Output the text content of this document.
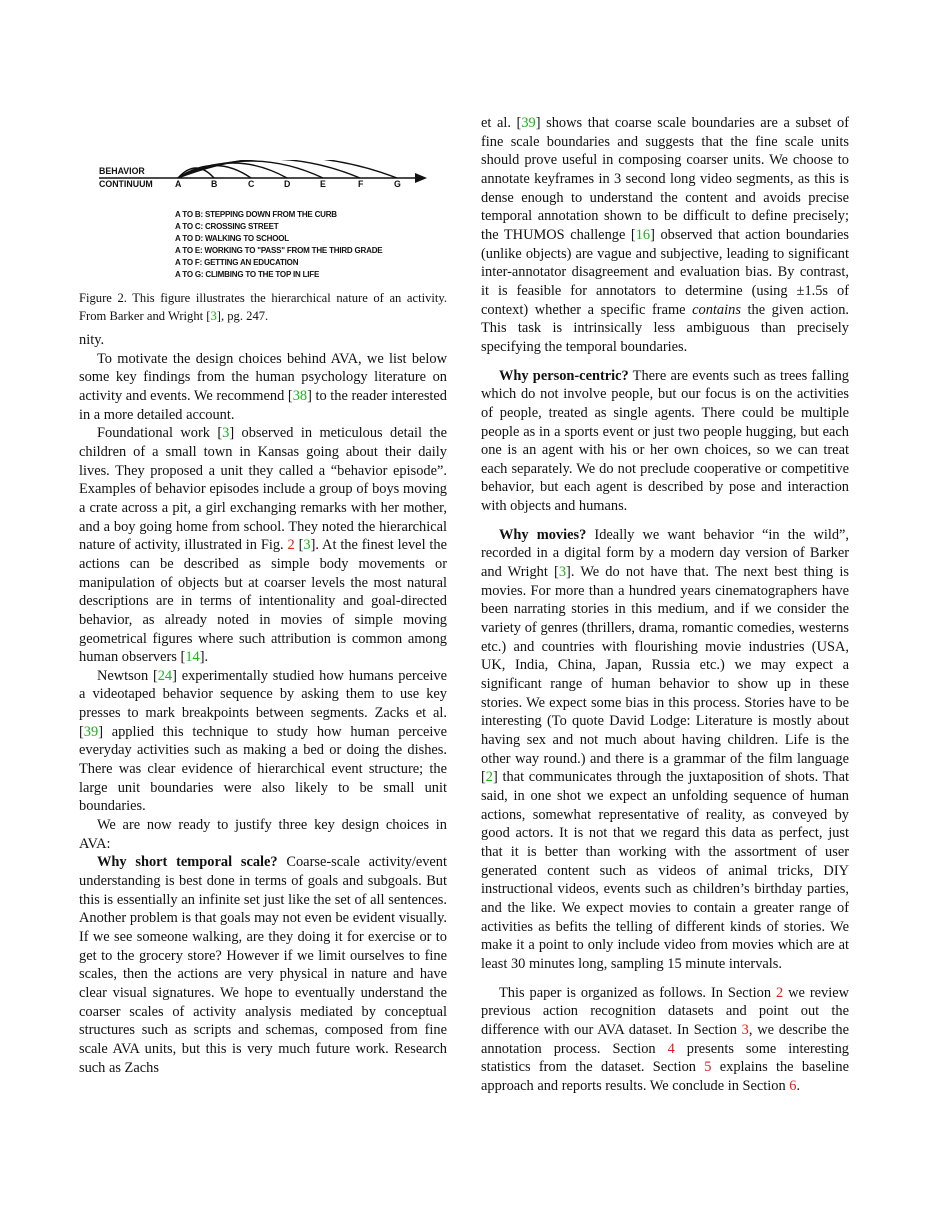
BEHAVIOR
CONTINUUM	A	B	C	D	E	F	G
A TO B: STEPPING DOWN FROM THE CURB
A TO C: CROSSING STREET
A TO D: WALKING TO SCHOOL
A TO E: WORKING TO "PASS" FROM THE THIRD GRADE
A TO F: GETTING AN EDUCATION
A TO G: CLIMBING TO THE TOP IN LIFE
Figure 2. This figure illustrates the hierarchical nature of an activity. From Barker and Wright [3], pg. 247.

nity.

To motivate the design choices behind AVA, we list below some key findings from the human psychology literature on activity and events. We recommend [38] to the reader interested in a more detailed account.

Foundational work [3] observed in meticulous detail the children of a small town in Kansas going about their daily lives. They proposed a unit they called a “behavior episode”. Examples of behavior episodes include a group of boys moving a crate across a pit, a girl exchanging remarks with her mother, and a boy going home from school. They noted the hierarchical nature of activity, illustrated in Fig. 2 [3]. At the finest level the actions can be described as simple body movements or manipulation of objects but at coarser levels the most natural descriptions are in terms of intentionality and goal-directed behavior, as already noted in movies of simple moving geometrical figures where such attribution is common among human observers [14].

Newtson [24] experimentally studied how humans perceive a videotaped behavior sequence by asking them to use key presses to mark breakpoints between segments. Zacks et al. [39] applied this technique to study how human perceive everyday activities such as making a bed or doing the dishes. There was clear evidence of hierarchical event structure; the large unit boundaries were also likely to be small unit boundaries.

We are now ready to justify three key design choices in AVA:

Why short temporal scale? Coarse-scale activity/event understanding is best done in terms of goals and subgoals. But this is essentially an infinite set just like the set of all sentences. Another problem is that goals may not even be evident visually. If we see someone walking, are they doing it for exercise or to get to the grocery store? However if we limit ourselves to fine scales, then the actions are very physical in nature and have clear visual signatures. We hope to eventually understand the coarser scales of activity analysis mediated by conceptual structures such as scripts and schemas, composed from fine scale AVA units, but this is very much future work. Research such as Zachs

et al. [39] shows that coarse scale boundaries are a subset of fine scale boundaries and suggests that the fine scale units should prove useful in composing coarser units. We choose to annotate keyframes in 3 second long video segments, as this is dense enough to understand the content and avoids precise temporal annotation shown to be difficult to define precisely; the THUMOS challenge [16] observed that action boundaries (unlike objects) are vague and subjective, leading to significant inter-annotator disagreement and evaluation bias. By contrast, it is feasible for annotators to determine (using ±1.5s of context) whether a specific frame contains the given action. This task is intrinsically less ambiguous than precisely specifying the temporal boundaries.

Why person-centric? There are events such as trees falling which do not involve people, but our focus is on the activities of people, treated as single agents. There could be multiple people as in a sports event or just two people hugging, but each one is an agent with his or her own choices, so we can treat each separately. We do not preclude cooperative or competitive behavior, but each agent is described by pose and interaction with objects and humans.

Why movies? Ideally we want behavior “in the wild”, recorded in a digital form by a modern day version of Barker and Wright [3]. We do not have that. The next best thing is movies. For more than a hundred years cinematographers have been narrating stories in this medium, and if we consider the variety of genres (thrillers, drama, romantic comedies, westerns etc.) and countries with flourishing movie industries (USA, UK, India, China, Japan, Russia etc.) we may expect a significant range of human behavior to show up in these stories. We expect some bias in this process. Stories have to be interesting (To quote David Lodge: Literature is mostly about having sex and not much about having children. Life is the other way round.) and there is a grammar of the film language [2] that communicates through the juxtaposition of shots. That said, in one shot we expect an unfolding sequence of human actions, somewhat representative of reality, as conveyed by good actors. It is not that we regard this data as perfect, just that it is better than working with the assortment of user generated content such as videos of animal tricks, DIY instructional videos, events such as children’s birthday parties, and the like. We expect movies to contain a greater range of activities as befits the telling of different kinds of stories. We make it a point to only include video from movies which are at least 30 minutes long, sampling 15 minute intervals.

This paper is organized as follows. In Section 2 we review previous action recognition datasets and point out the difference with our AVA dataset. In Section 3, we describe the annotation process. Section 4 presents some interesting statistics from the dataset. Section 5 explains the baseline approach and reports results. We conclude in Section 6.
